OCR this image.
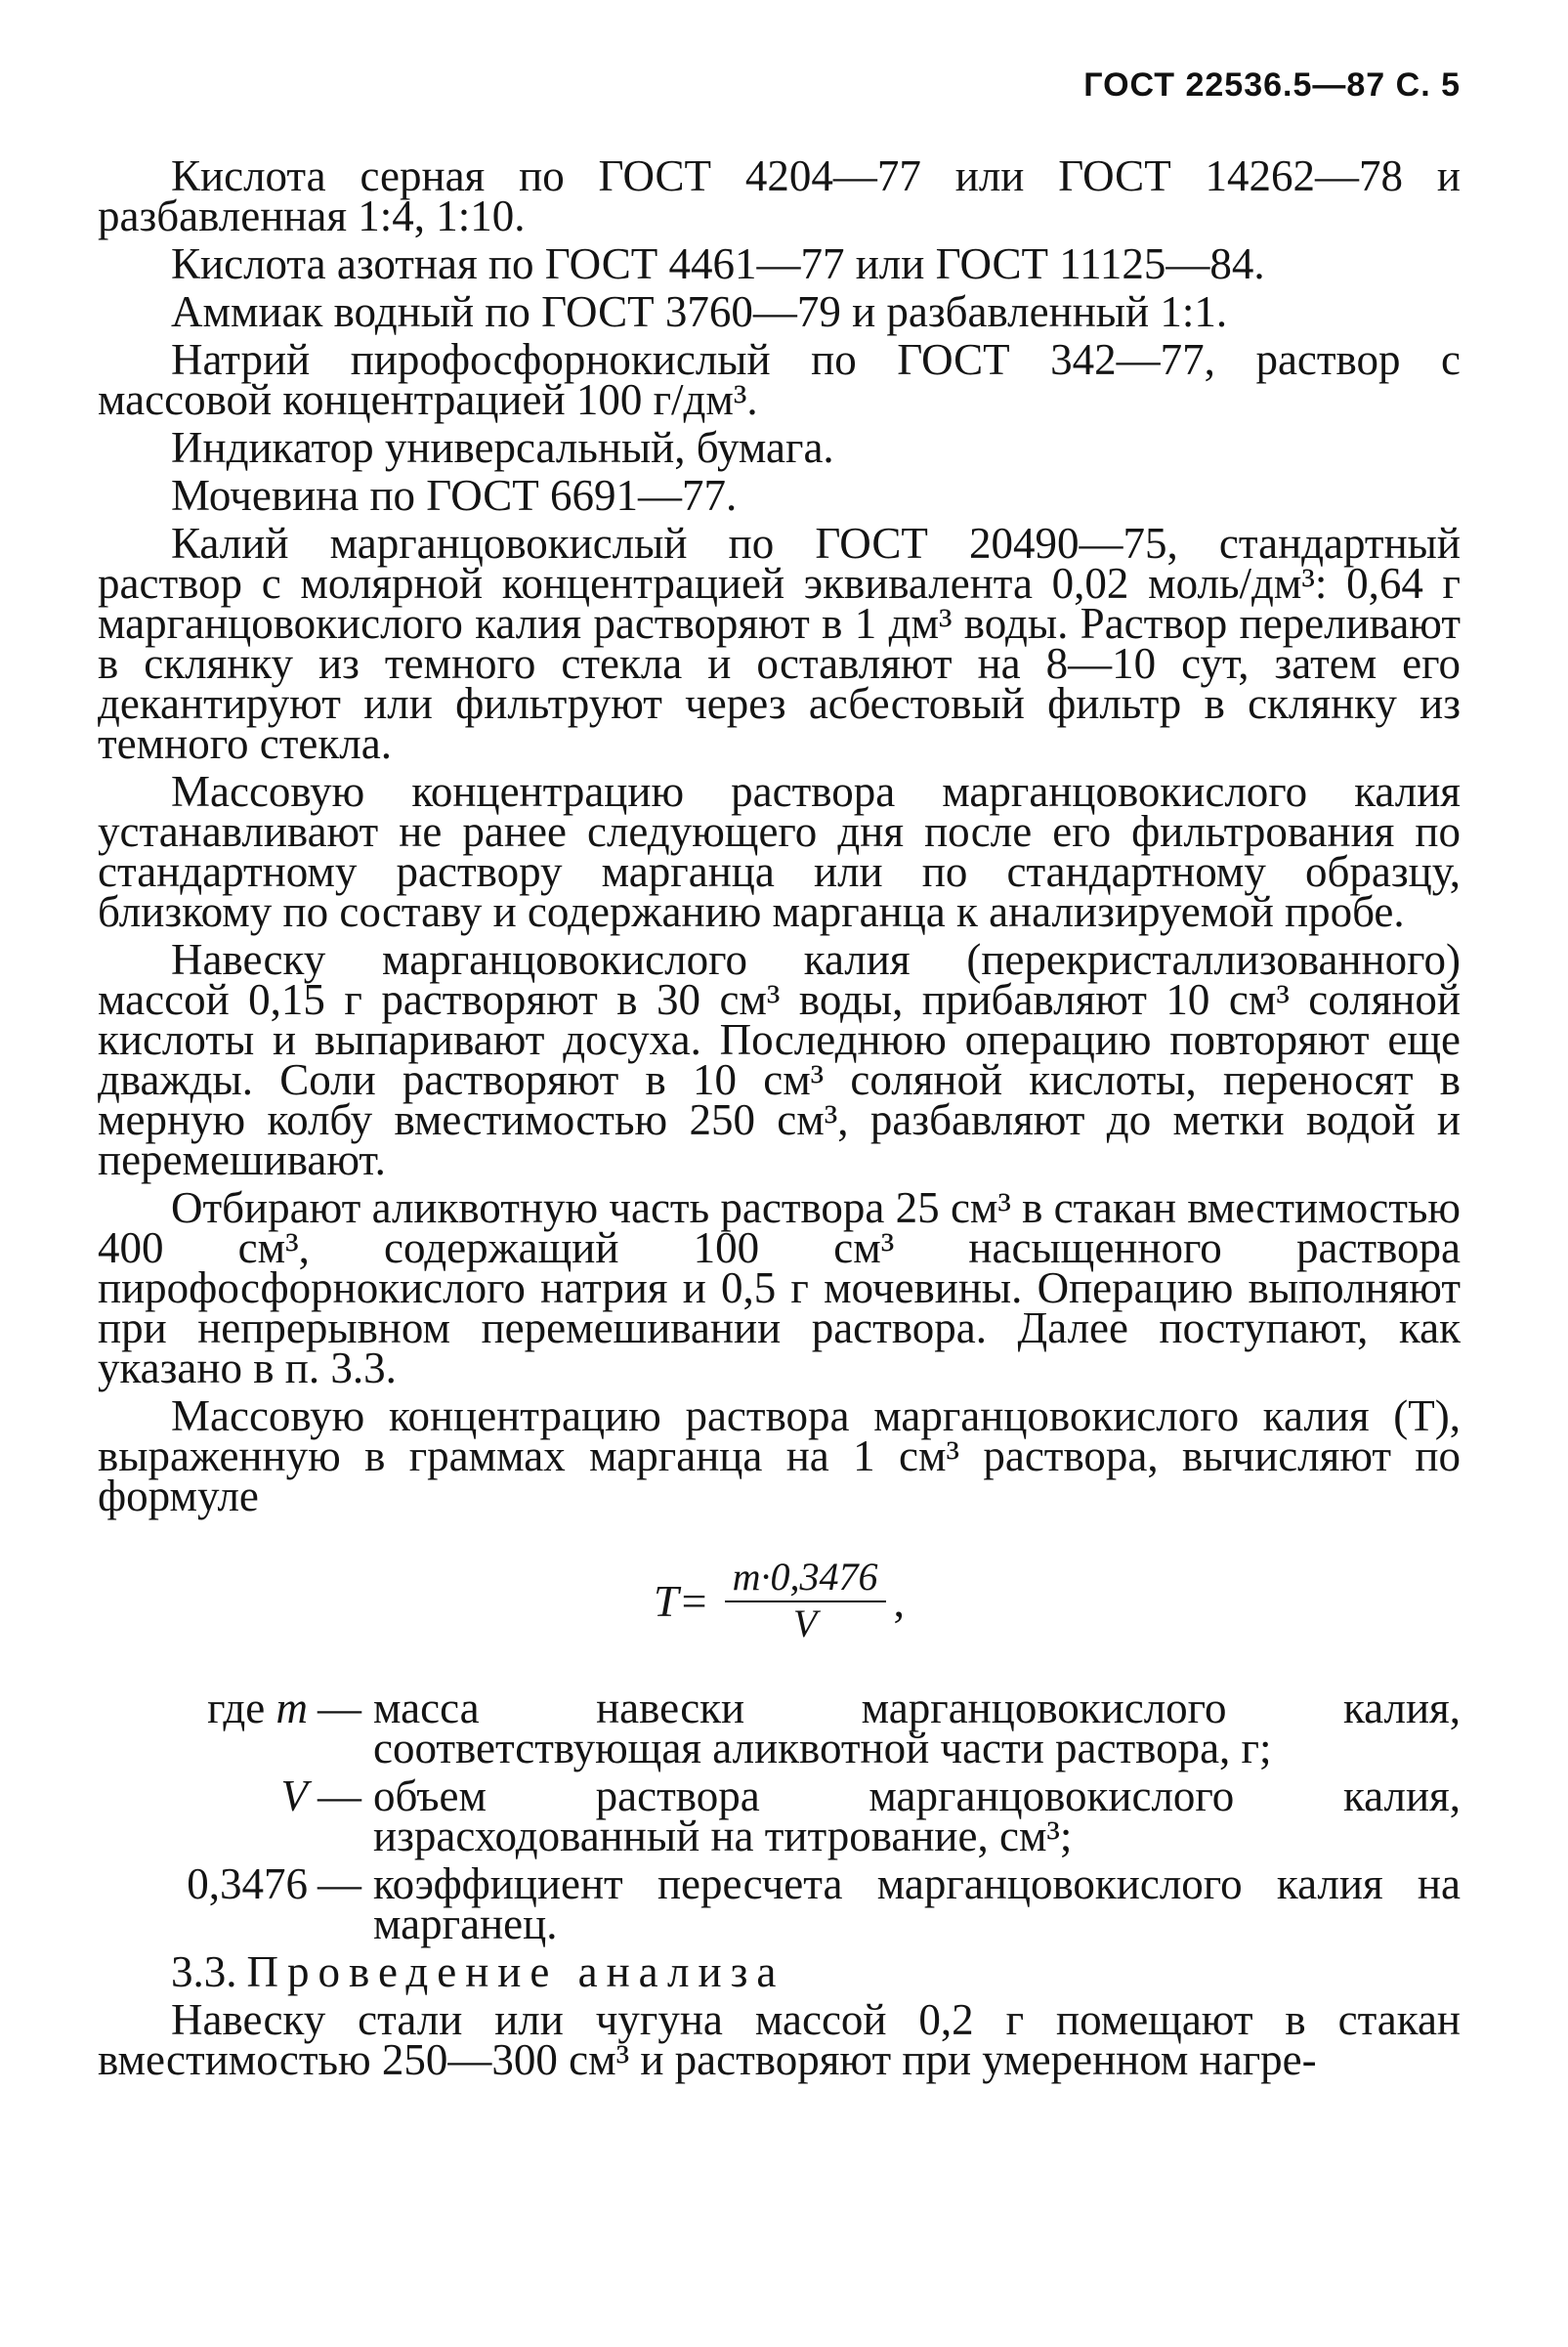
ГОСТ 22536.5—87 С. 5

Кислота серная по ГОСТ 4204—77 или ГОСТ 14262—78 и разбавленная 1:4, 1:10.

Кислота азотная по ГОСТ 4461—77 или ГОСТ 11125—84.

Аммиак водный по ГОСТ 3760—79 и разбавленный 1:1.

Натрий пирофосфорнокислый по ГОСТ 342—77, раствор с массовой концентрацией 100 г/дм³.

Индикатор универсальный, бумага.

Мочевина по ГОСТ 6691—77.

Калий марганцовокислый по ГОСТ 20490—75, стандартный раствор с молярной концентрацией эквивалента 0,02 моль/дм³: 0,64 г марганцовокислого калия растворяют в 1 дм³ воды. Раствор переливают в склянку из темного стекла и оставляют на 8—10 сут, затем его декантируют или фильтруют через асбестовый фильтр в склянку из темного стекла.

Массовую концентрацию раствора марганцовокислого калия устанавливают не ранее следующего дня после его фильтрования по стандартному раствору марганца или по стандартному образцу, близкому по составу и содержанию марганца к анализируемой пробе.

Навеску марганцовокислого калия (перекристаллизованного) массой 0,15 г растворяют в 30 см³ воды, прибавляют 10 см³ соляной кислоты и выпаривают досуха. Последнюю операцию повторяют еще дважды. Соли растворяют в 10 см³ соляной кислоты, переносят в мерную колбу вместимостью 250 см³, разбавляют до метки водой и перемешивают.

Отбирают аликвотную часть раствора 25 см³ в стакан вместимостью 400 см³, содержащий 100 см³ насыщенного раствора пирофосфорнокислого натрия и 0,5 г мочевины. Операцию выполняют при непрерывном перемешивании раствора. Далее поступают, как указано в п. 3.3.

Массовую концентрацию раствора марганцовокислого калия (T), выраженную в граммах марганца на 1 см³ раствора, вычисляют по формуле

$T= \frac{m\cdot 0,3476}{V}$ ,
где m	—	масса навески марганцовокислого калия, соответствующая аликвотной части раствора, г;
V	—	объем раствора марганцовокислого калия, израсходованный на титрование, см³;
0,3476	—	коэффициент пересчета марганцовокислого калия на марганец.

3.3. Проведение анализа

Навеску стали или чугуна массой 0,2 г помещают в стакан вместимостью 250—300 см³ и растворяют при умеренном нагре-
